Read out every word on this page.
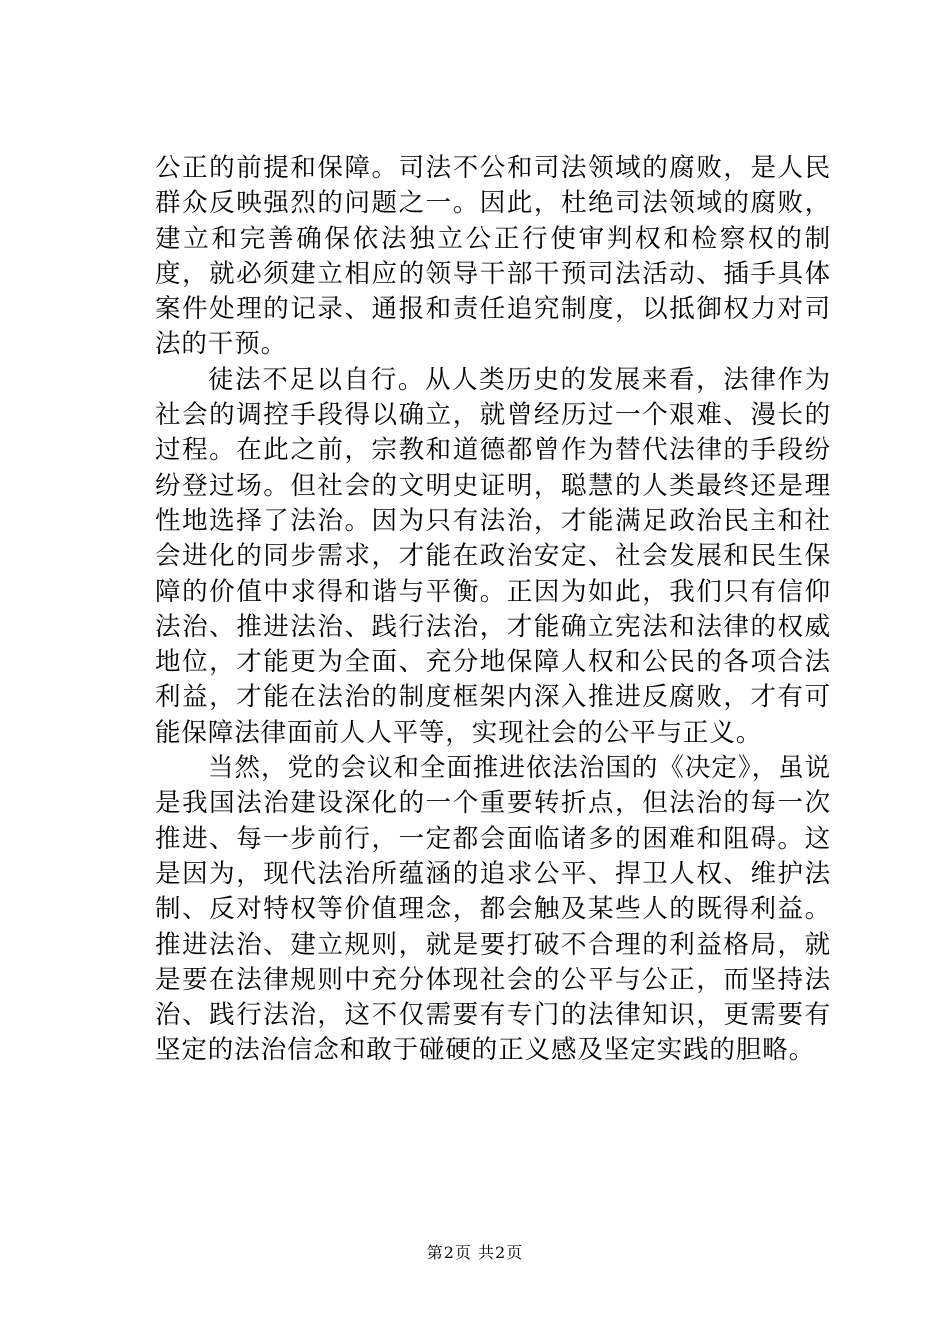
公正的前提和保障。司法不公和司法领域的腐败，是人民群众反映强烈的问题之一。因此，杜绝司法领域的腐败，建立和完善确保依法独立公正行使审判权和检察权的制度，就必须建立相应的领导干部干预司法活动、插手具体案件处理的记录、通报和责任追究制度，以抵御权力对司法的干预。

徒法不足以自行。从人类历史的发展来看，法律作为社会的调控手段得以确立，就曾经历过一个艰难、漫长的过程。在此之前，宗教和道德都曾作为替代法律的手段纷纷登过场。但社会的文明史证明，聪慧的人类最终还是理性地选择了法治。因为只有法治，才能满足政治民主和社会进化的同步需求，才能在政治安定、社会发展和民生保障的价值中求得和谐与平衡。正因为如此，我们只有信仰法治、推进法治、践行法治，才能确立宪法和法律的权威地位，才能更为全面、充分地保障人权和公民的各项合法利益，才能在法治的制度框架内深入推进反腐败，才有可能保障法律面前人人平等，实现社会的公平与正义。

当然，党的会议和全面推进依法治国的《决定》，虽说是我国法治建设深化的一个重要转折点，但法治的每一次推进、每一步前行，一定都会面临诸多的困难和阻碍。这是因为，现代法治所蕴涵的追求公平、捍卫人权、维护法制、反对特权等价值理念，都会触及某些人的既得利益。推进法治、建立规则，就是要打破不合理的利益格局，就是要在法律规则中充分体现社会的公平与公正，而坚持法治、践行法治，这不仅需要有专门的法律知识，更需要有坚定的法治信念和敢于碰硬的正义感及坚定实践的胆略。

第2页 共2页
